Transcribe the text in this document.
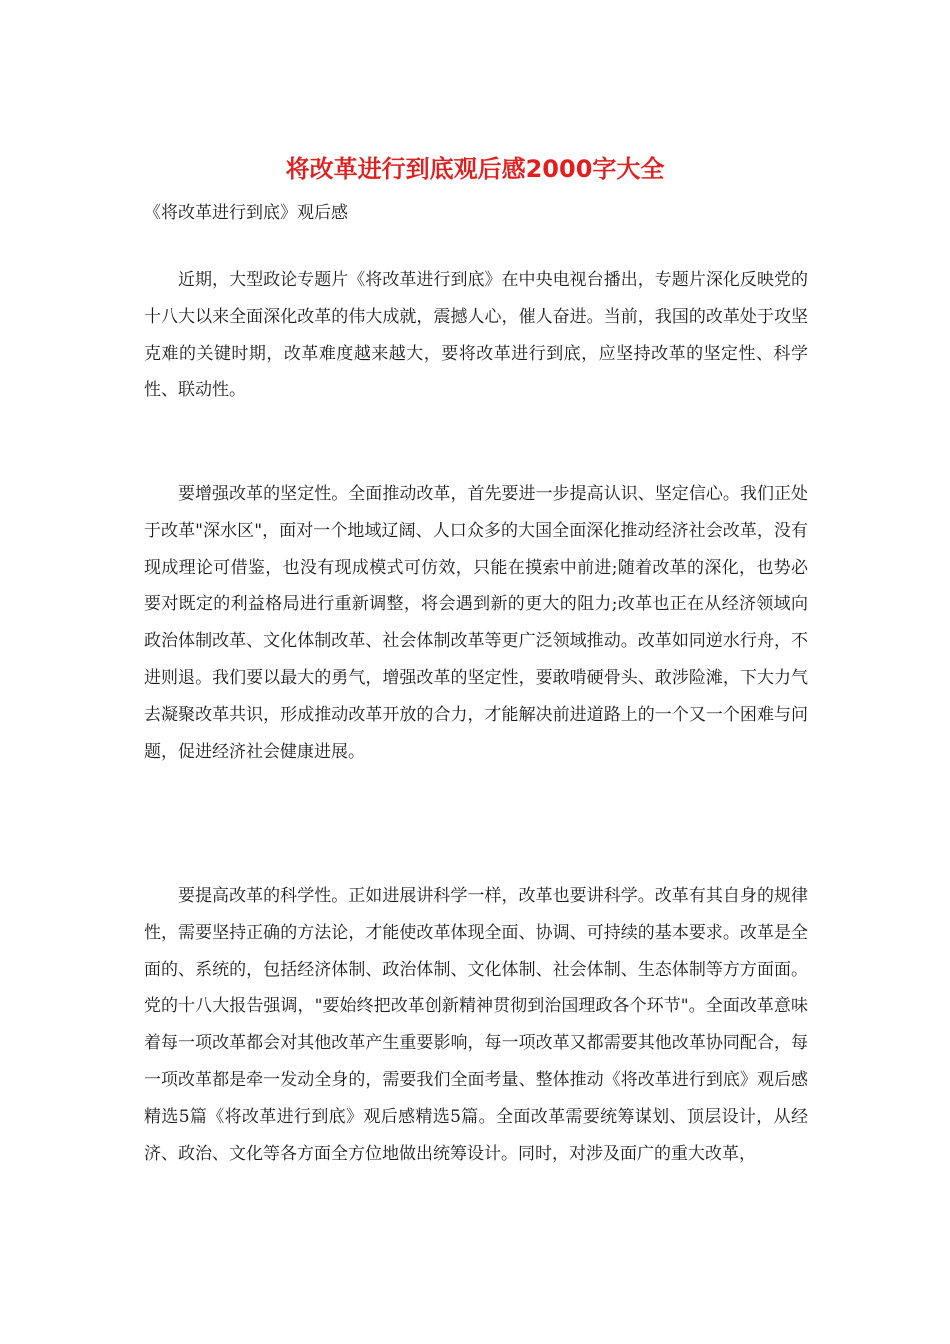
将改革进行到底观后感2000字大全
《将改革进行到底》观后感

近期，大型政论专题片《将改革进行到底》在中央电视台播出，专题片深化反映党的十八大以来全面深化改革的伟大成就，震撼人心，催人奋进。当前，我国的改革处于攻坚克难的关键时期，改革难度越来越大，要将改革进行到底，应坚持改革的坚定性、科学性、联动性。

要增强改革的坚定性。全面推动改革，首先要进一步提高认识、坚定信心。我们正处于改革"深水区"，面对一个地域辽阔、人口众多的大国全面深化推动经济社会改革，没有现成理论可借鉴，也没有现成模式可仿效，只能在摸索中前进;随着改革的深化，也势必要对既定的利益格局进行重新调整，将会遇到新的更大的阻力;改革也正在从经济领域向政治体制改革、文化体制改革、社会体制改革等更广泛领域推动。改革如同逆水行舟，不进则退。我们要以最大的勇气，增强改革的坚定性，要敢啃硬骨头、敢涉险滩，下大力气去凝聚改革共识，形成推动改革开放的合力，才能解决前进道路上的一个又一个困难与问题，促进经济社会健康进展。

要提高改革的科学性。正如进展讲科学一样，改革也要讲科学。改革有其自身的规律性，需要坚持正确的方法论，才能使改革体现全面、协调、可持续的基本要求。改革是全面的、系统的，包括经济体制、政治体制、文化体制、社会体制、生态体制等方方面面。党的十八大报告强调，"要始终把改革创新精神贯彻到治国理政各个环节"。全面改革意味着每一项改革都会对其他改革产生重要影响，每一项改革又都需要其他改革协同配合，每一项改革都是牵一发动全身的，需要我们全面考量、整体推动《将改革进行到底》观后感精选5篇《将改革进行到底》观后感精选5篇。全面改革需要统筹谋划、顶层设计，从经济、政治、文化等各方面全方位地做出统筹设计。同时，对涉及面广的重大改革，
